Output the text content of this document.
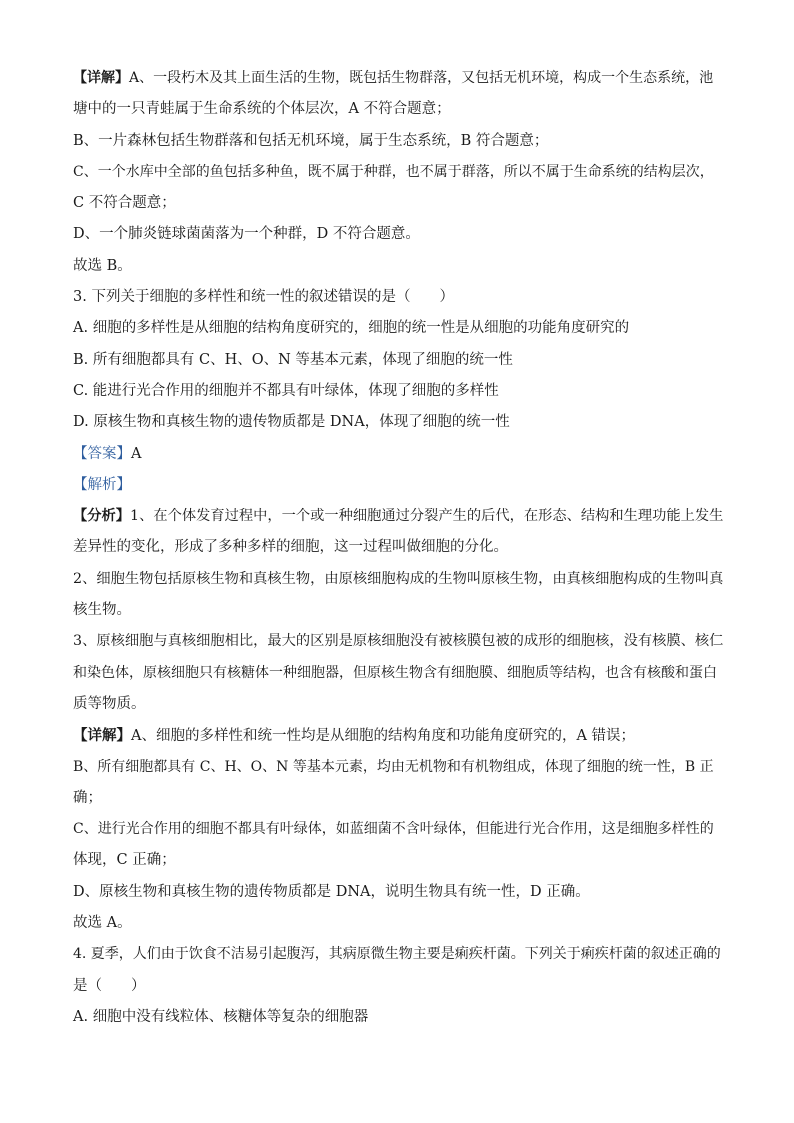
【详解】A、一段朽木及其上面生活的生物，既包括生物群落，又包括无机环境，构成一个生态系统，池
塘中的一只青蛙属于生命系统的个体层次，A 不符合题意；
B、一片森林包括生物群落和包括无机环境，属于生态系统，B 符合题意；
C、一个水库中全部的鱼包括多种鱼，既不属于种群，也不属于群落，所以不属于生命系统的结构层次，
C 不符合题意；
D、一个肺炎链球菌菌落为一个种群，D 不符合题意。
故选 B。
3. 下列关于细胞的多样性和统一性的叙述错误的是（　　）
A. 细胞的多样性是从细胞的结构角度研究的，细胞的统一性是从细胞的功能角度研究的
B. 所有细胞都具有 C、H、O、N 等基本元素，体现了细胞的统一性
C. 能进行光合作用的细胞并不都具有叶绿体，体现了细胞的多样性
D. 原核生物和真核生物的遗传物质都是 DNA，体现了细胞的统一性
【答案】A
【解析】
【分析】1、在个体发育过程中，一个或一种细胞通过分裂产生的后代，在形态、结构和生理功能上发生
差异性的变化，形成了多种多样的细胞，这一过程叫做细胞的分化。
2、细胞生物包括原核生物和真核生物，由原核细胞构成的生物叫原核生物，由真核细胞构成的生物叫真
核生物。
3、原核细胞与真核细胞相比，最大的区别是原核细胞没有被核膜包被的成形的细胞核，没有核膜、核仁
和染色体，原核细胞只有核糖体一种细胞器，但原核生物含有细胞膜、细胞质等结构，也含有核酸和蛋白
质等物质。
【详解】A、细胞的多样性和统一性均是从细胞的结构角度和功能角度研究的，A 错误；
B、所有细胞都具有 C、H、O、N 等基本元素，均由无机物和有机物组成，体现了细胞的统一性，B 正
确；
C、进行光合作用的细胞不都具有叶绿体，如蓝细菌不含叶绿体，但能进行光合作用，这是细胞多样性的
体现，C 正确；
D、原核生物和真核生物的遗传物质都是 DNA，说明生物具有统一性，D 正确。
故选 A。
4. 夏季，人们由于饮食不洁易引起腹泻，其病原微生物主要是痢疾杆菌。下列关于痢疾杆菌的叙述正确的
是（　　）
A. 细胞中没有线粒体、核糖体等复杂的细胞器
